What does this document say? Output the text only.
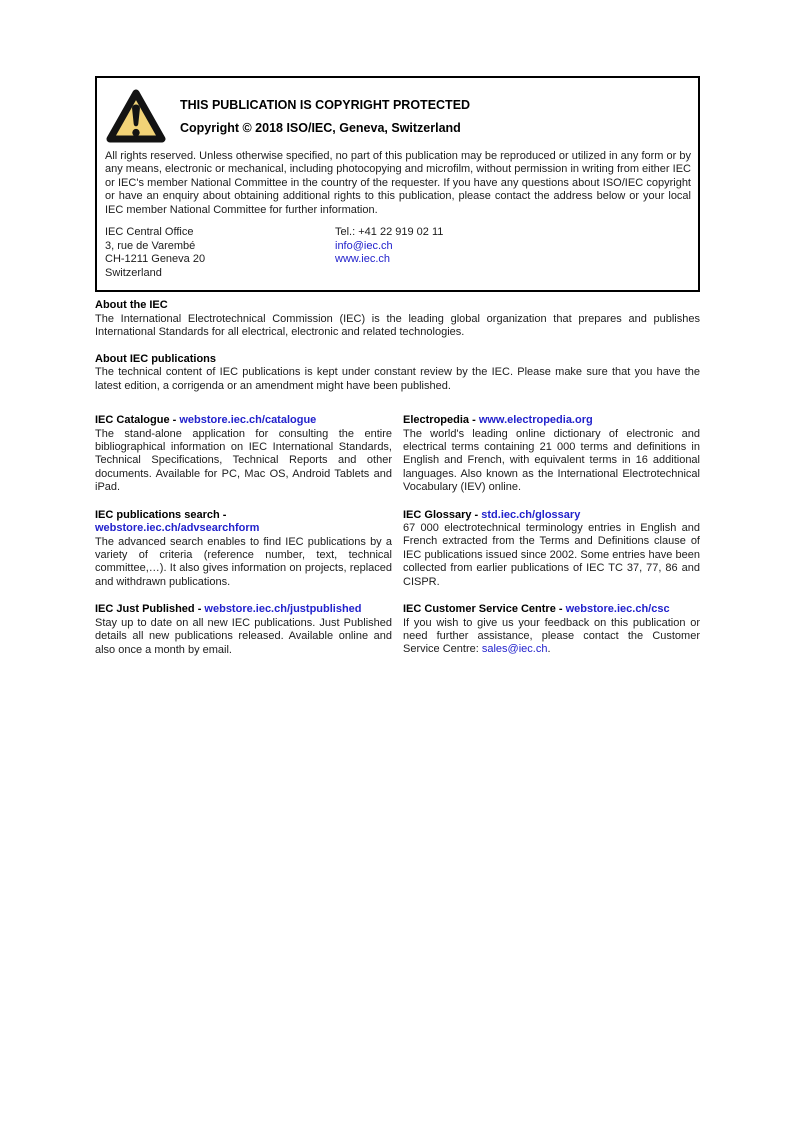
THIS PUBLICATION IS COPYRIGHT PROTECTED
Copyright © 2018 ISO/IEC, Geneva, Switzerland

All rights reserved. Unless otherwise specified, no part of this publication may be reproduced or utilized in any form or by any means, electronic or mechanical, including photocopying and microfilm, without permission in writing from either IEC or IEC's member National Committee in the country of the requester. If you have any questions about ISO/IEC copyright or have an enquiry about obtaining additional rights to this publication, please contact the address below or your local IEC member National Committee for further information.

IEC Central Office
3, rue de Varembé
CH-1211 Geneva 20
Switzerland
Tel.: +41 22 919 02 11
info@iec.ch
www.iec.ch
About the IEC

The International Electrotechnical Commission (IEC) is the leading global organization that prepares and publishes International Standards for all electrical, electronic and related technologies.

About IEC publications

The technical content of IEC publications is kept under constant review by the IEC. Please make sure that you have the latest edition, a corrigenda or an amendment might have been published.

IEC Catalogue - webstore.iec.ch/catalogue

The stand-alone application for consulting the entire bibliographical information on IEC International Standards, Technical Specifications, Technical Reports and other documents. Available for PC, Mac OS, Android Tablets and iPad.

IEC publications search - webstore.iec.ch/advsearchform

The advanced search enables to find IEC publications by a variety of criteria (reference number, text, technical committee,…). It also gives information on projects, replaced and withdrawn publications.

IEC Just Published - webstore.iec.ch/justpublished

Stay up to date on all new IEC publications. Just Published details all new publications released. Available online and also once a month by email.

Electropedia - www.electropedia.org

The world's leading online dictionary of electronic and electrical terms containing 21 000 terms and definitions in English and French, with equivalent terms in 16 additional languages. Also known as the International Electrotechnical Vocabulary (IEV) online.

IEC Glossary - std.iec.ch/glossary

67 000 electrotechnical terminology entries in English and French extracted from the Terms and Definitions clause of IEC publications issued since 2002. Some entries have been collected from earlier publications of IEC TC 37, 77, 86 and CISPR.

IEC Customer Service Centre - webstore.iec.ch/csc

If you wish to give us your feedback on this publication or need further assistance, please contact the Customer Service Centre: sales@iec.ch.
